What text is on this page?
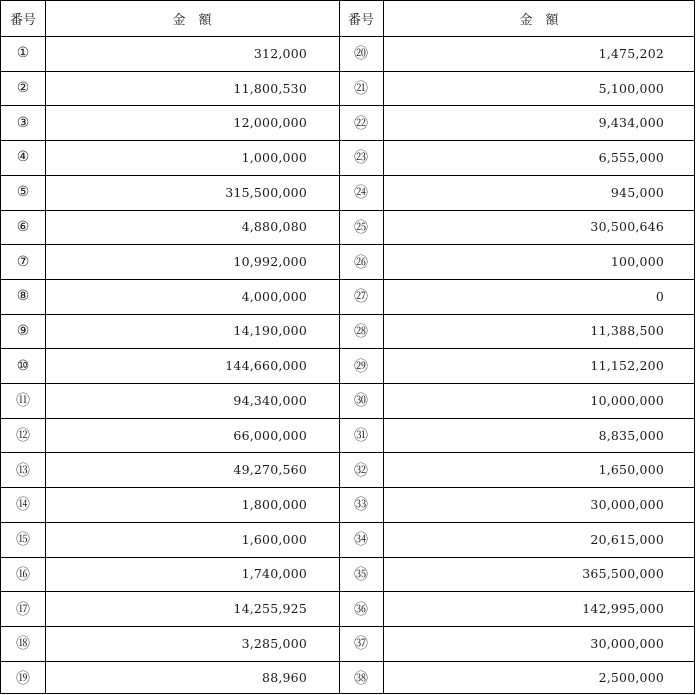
番号	金　額	番号	金　額
①	312,000	⑳	1,475,202
②	11,800,530	㉑	5,100,000
③	12,000,000	㉒	9,434,000
④	1,000,000	㉓	6,555,000
⑤	315,500,000	㉔	945,000
⑥	4,880,080	㉕	30,500,646
⑦	10,992,000	㉖	100,000
⑧	4,000,000	㉗	0
⑨	14,190,000	㉘	11,388,500
⑩	144,660,000	㉙	11,152,200
⑪	94,340,000	㉚	10,000,000
⑫	66,000,000	㉛	8,835,000
⑬	49,270,560	㉜	1,650,000
⑭	1,800,000	㉝	30,000,000
⑮	1,600,000	㉞	20,615,000
⑯	1,740,000	㉟	365,500,000
⑰	14,255,925	㊱	142,995,000
⑱	3,285,000	㊲	30,000,000
⑲	88,960	㊳	2,500,000
